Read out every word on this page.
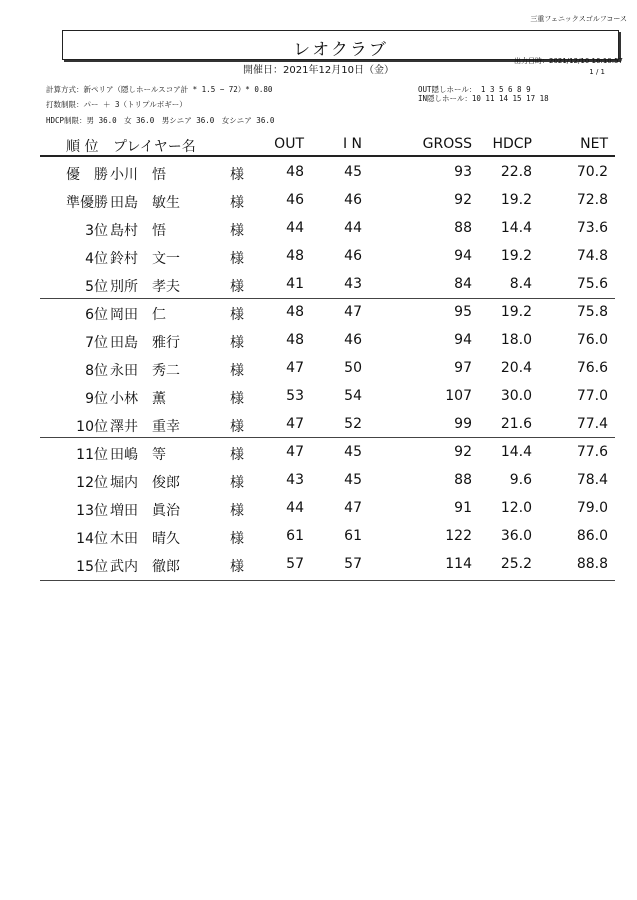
三重フェニックスゴルフコース
レオクラブ
出力日時：2021/12/10 16:10:57
1 / 1
開催日：2021年12月10日（金）
計算方式：新ペリア（隠しホールスコア計 * 1.5 − 72）* 0.80
打数制限：パー ＋ 3（トリプルボギー）
HDCP制限：男 36.0　女 36.0　男シニア 36.0　女シニア 36.0
OUT隠しホール： 1 3 5 6 8 9
IN隠しホール：10 11 14 15 17 18
順 位 プレイヤー名	OUT	I N	GROSS	HDCP	NET
優　勝 小川　悟	様	48	45	93	22.8	70.2
準優勝 田島　敏生	様	46	46	92	19.2	72.8
3位 島村　悟	様	44	44	88	14.4	73.6
4位 鈴村　文一	様	48	46	94	19.2	74.8
5位 別所　孝夫	様	41	43	84	8.4	75.6
6位 岡田　仁	様	48	47	95	19.2	75.8
7位 田島　雅行	様	48	46	94	18.0	76.0
8位 永田　秀二	様	47	50	97	20.4	76.6
9位 小林　薫	様	53	54	107	30.0	77.0
10位 澤井　重幸	様	47	52	99	21.6	77.4
11位 田嶋　等	様	47	45	92	14.4	77.6
12位 堀内　俊郎	様	43	45	88	9.6	78.4
13位 増田　眞治	様	44	47	91	12.0	79.0
14位 木田　晴久	様	61	61	122	36.0	86.0
15位 武内　徹郎	様	57	57	114	25.2	88.8
